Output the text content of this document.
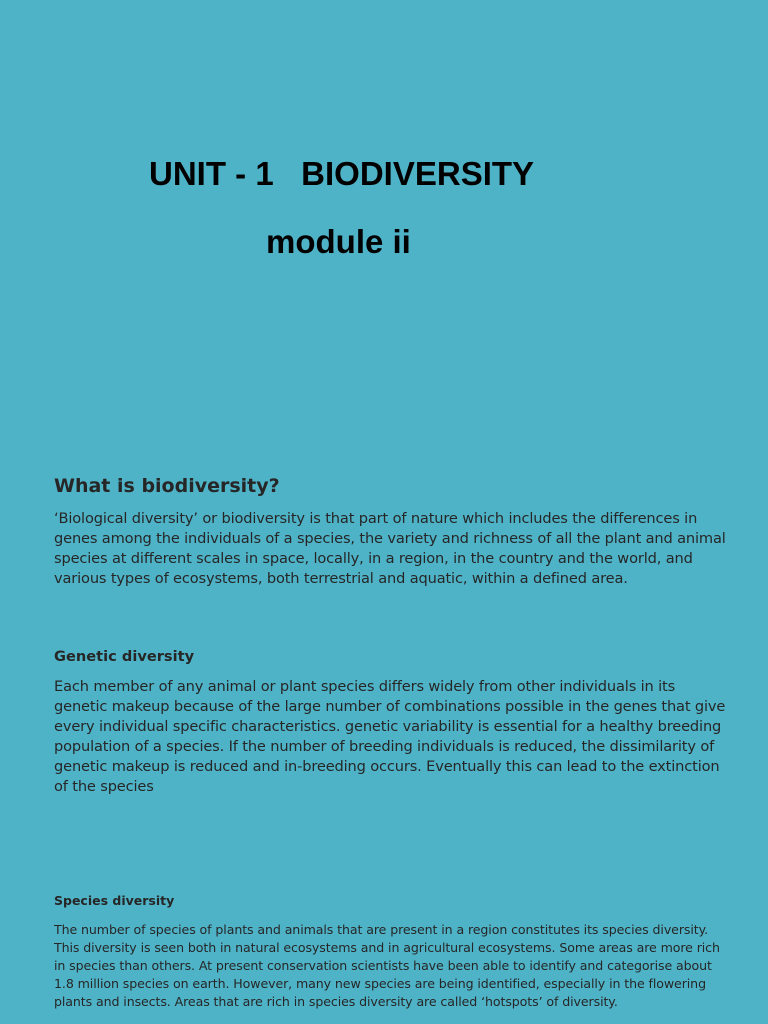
UNIT - 1   BIODIVERSITY
module ii
What is biodiversity?

‘Biological diversity’ or biodiversity is that part of nature which includes the differences in genes among the individuals of a species, the variety and richness of all the plant and animal species at different scales in space, locally, in a region, in the country and the world, and various types of ecosystems, both terrestrial and aquatic, within a defined area.

Genetic diversity

Each member of any animal or plant species differs widely from other individuals in its genetic makeup because of the large number of combinations possible in the genes that give every individual specific characteristics. genetic variability is essential for a healthy breeding population of a species. If the number of breeding individuals is reduced, the dissimilarity of genetic makeup is reduced and in-breeding occurs. Eventually this can lead to the extinction of the species

Species diversity

The number of species of plants and animals that are present in a region constitutes its species diversity. This diversity is seen both in natural ecosystems and in agricultural ecosystems. Some areas are more rich in species than others. At present conservation scientists have been able to identify and categorise about 1.8 million species on earth. However, many new species are being identified, especially in the flowering plants and insects. Areas that are rich in species diversity are called ‘hotspots’ of diversity.
